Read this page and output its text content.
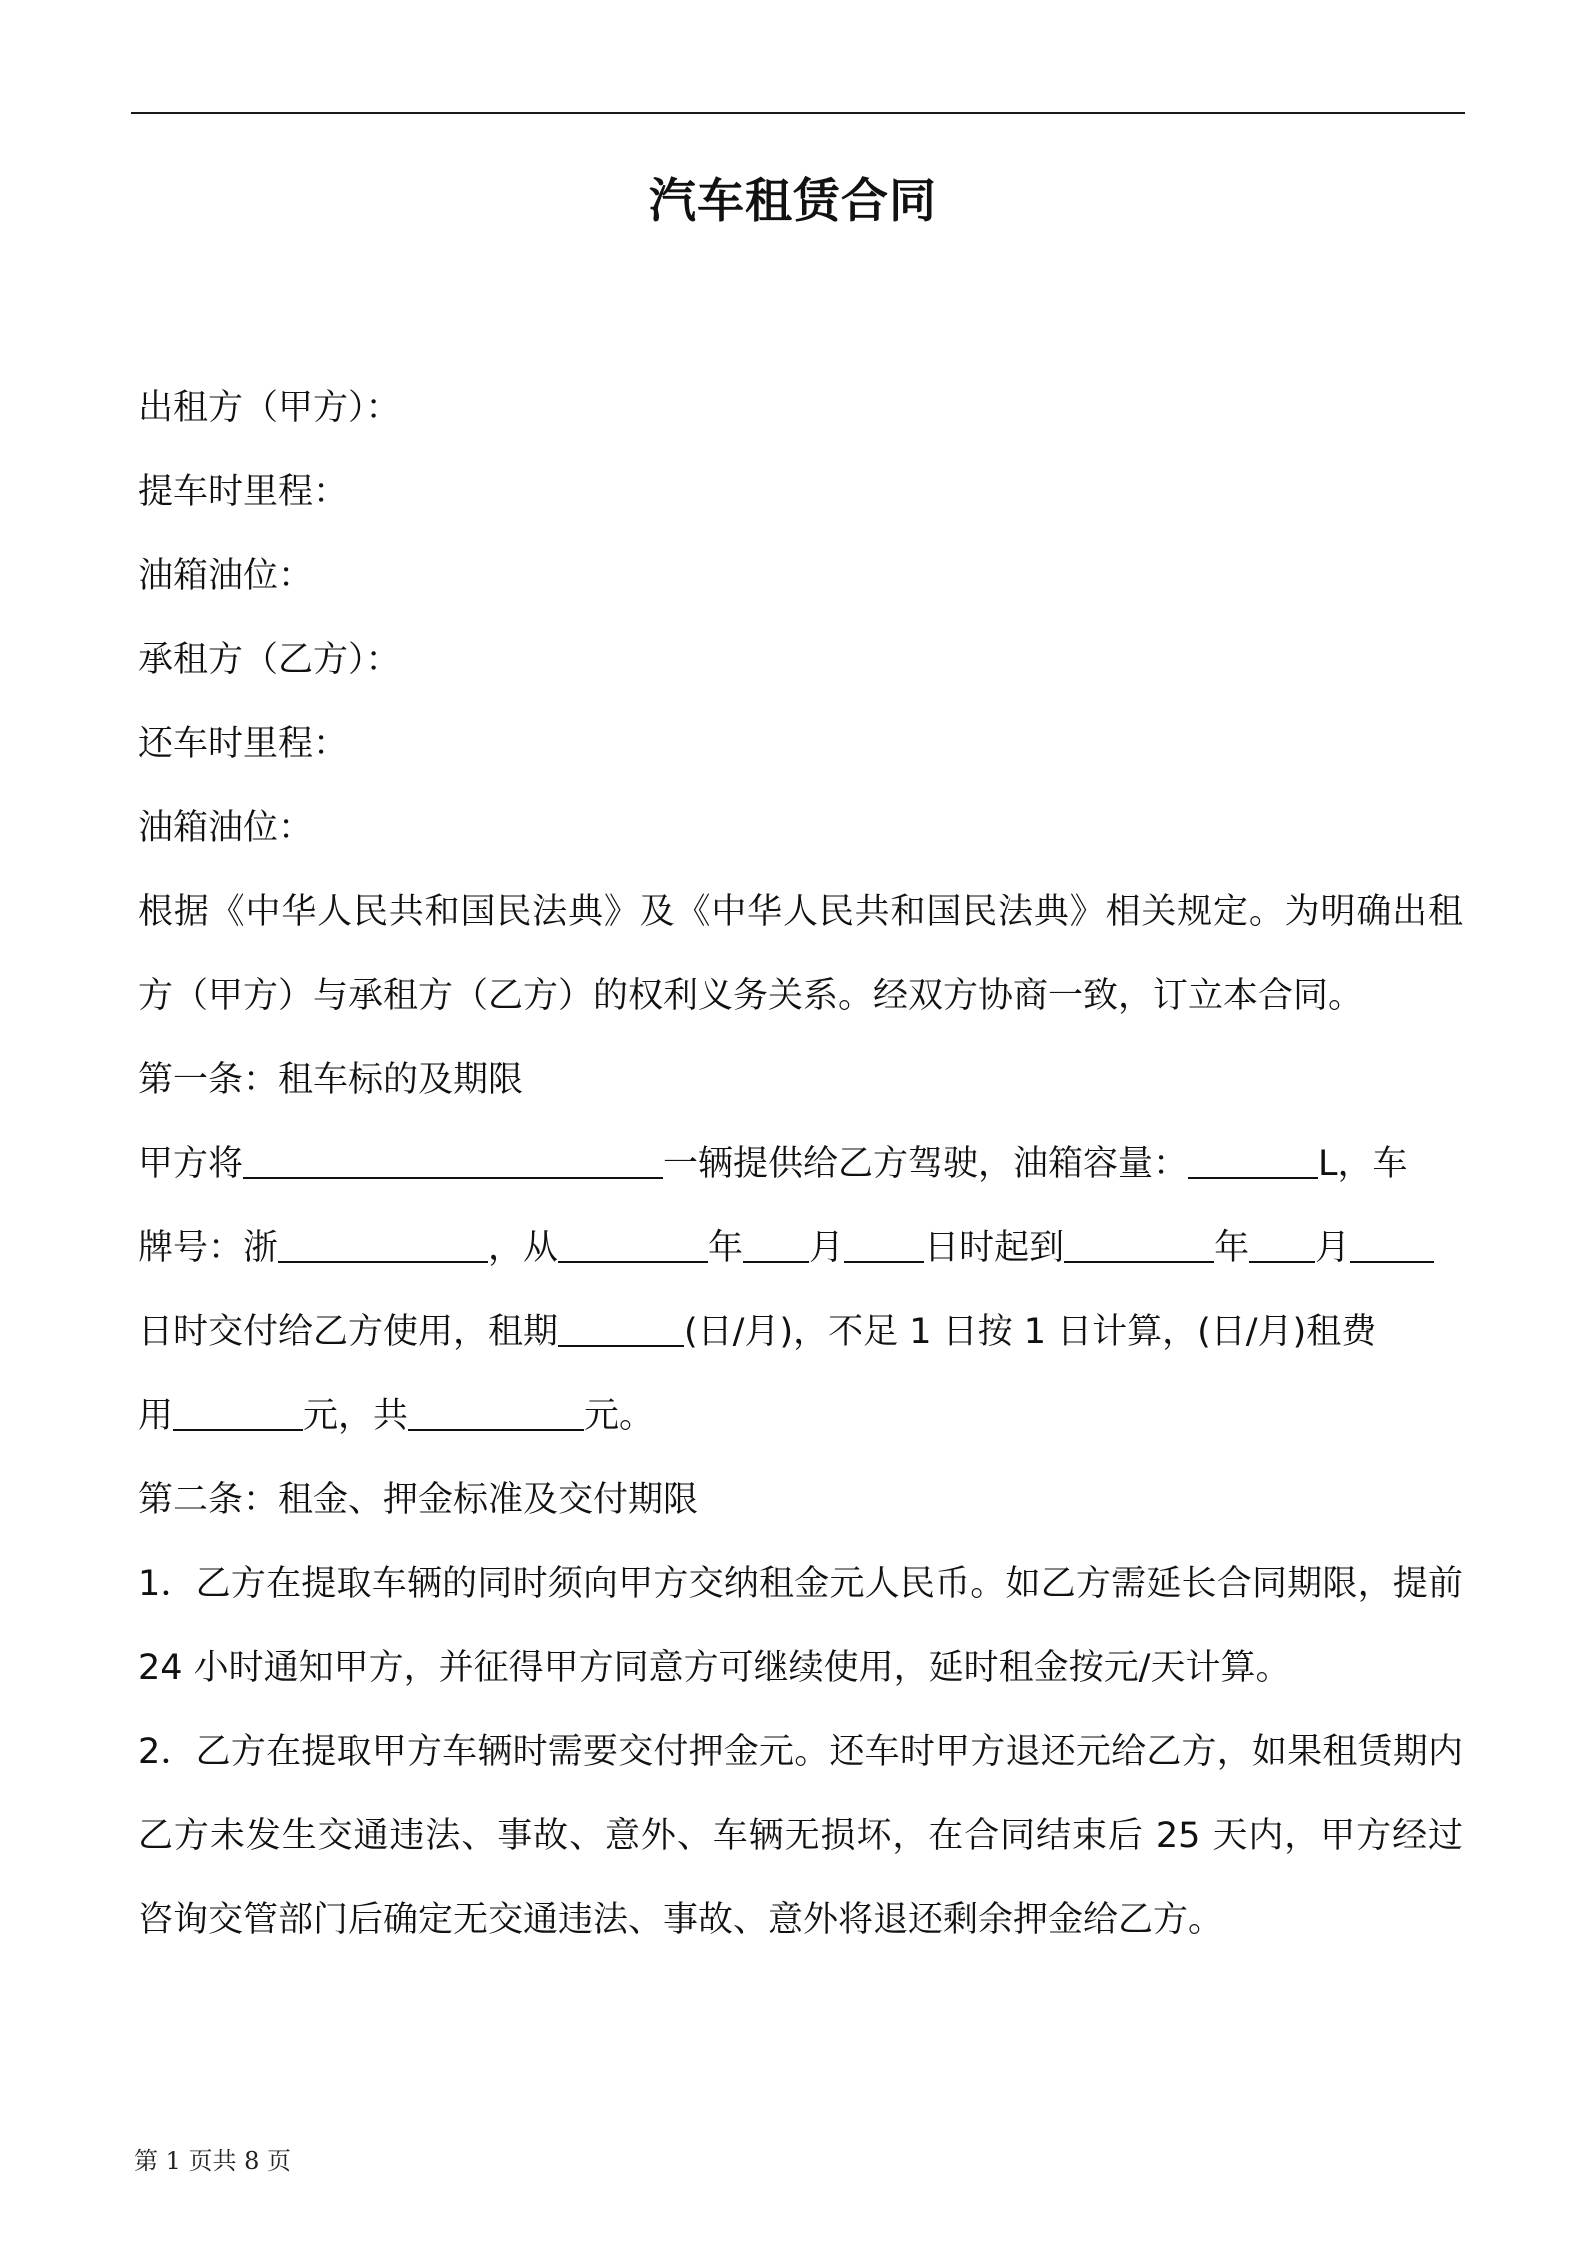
汽车租赁合同

出租方（甲方）：

提车时里程：

油箱油位：

承租方（乙方）：

还车时里程：

油箱油位：

根据《中华人民共和国民法典》及《中华人民共和国民法典》相关规定。为明确出租方（甲方）与承租方（乙方）的权利义务关系。经双方协商一致，订立本合同。

第一条：租车标的及期限

甲方将	一辆提供给乙方驾驶，油箱容量：	L，车

牌号：浙	，从	年 月 日时起到	年 月

日时交付给乙方使用，租期	(日/月)，不足 1 日按 1 日计算，(日/月)租费

用	元，共	元。

第二条：租金、押金标准及交付期限

1．乙方在提取车辆的同时须向甲方交纳租金元人民币。如乙方需延长合同期限，提前 24 小时通知甲方，并征得甲方同意方可继续使用，延时租金按元/天计算。

2．乙方在提取甲方车辆时需要交付押金元。还车时甲方退还元给乙方，如果租赁期内乙方未发生交通违法、事故、意外、车辆无损坏，在合同结束后 25 天内，甲方经过咨询交管部门后确定无交通违法、事故、意外将退还剩余押金给乙方。

第 1 页共 8 页
